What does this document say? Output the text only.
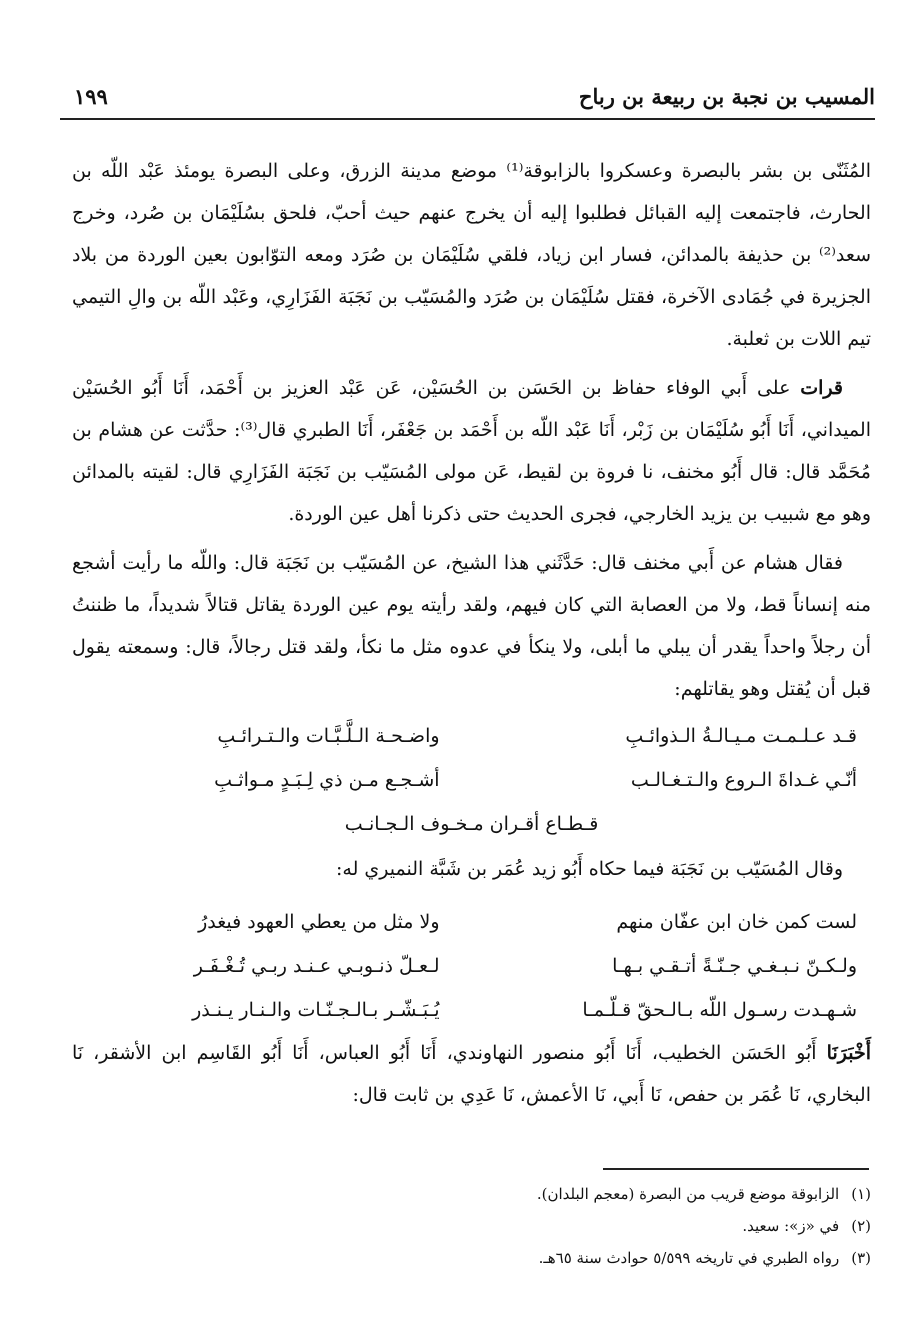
المسيب بن نجبة بن ربيعة بن رباح
١٩٩

المُثَنّى بن بشر بالبصرة وعسكروا بالزابوقة⁽¹⁾ موضع مدينة الزرق، وعلى البصرة يومئذ عَبْد اللّه بن الحارث، فاجتمعت إليه القبائل فطلبوا إليه أن يخرج عنهم حيث أحبّ، فلحق بسُلَيْمَان بن صُرد، وخرج سعد⁽²⁾ بن حذيفة بالمدائن، فسار ابن زياد، فلقي سُلَيْمَان بن صُرَد ومعه التوّابون بعين الوردة من بلاد الجزيرة في جُمَادى الآخرة، فقتل سُلَيْمَان بن صُرَد والمُسَيّب بن نَجَبَة الفَزَارِي، وعَبْد اللّه بن والِ التيمي تيم اللات بن ثعلبة.

قرات على أَبي الوفاء حفاظ بن الحَسَن بن الحُسَيْن، عَن عَبْد العزيز بن أَحْمَد، أَنَا أَبُو الحُسَيْن الميداني، أَنَا أَبُو سُلَيْمَان بن زَبْر، أَنَا عَبْد اللّه بن أَحْمَد بن جَعْفَر، أَنَا الطبري قال⁽³⁾: حدَّثت عن هشام بن مُحَمَّد قال: قال أَبُو مخنف، نا فروة بن لقيط، عَن مولى المُسَيّب بن نَجَبَة الفَزَارِي قال: لقيته بالمدائن وهو مع شبيب بن يزيد الخارجي، فجرى الحديث حتى ذكرنا أهل عين الوردة.

فقال هشام عن أَبي مخنف قال: حَدَّثَني هذا الشيخ، عن المُسَيّب بن نَجَبَة قال: واللّه ما رأيت أشجع منه إنساناً قط، ولا من العصابة التي كان فيهم، ولقد رأيته يوم عين الوردة يقاتل قتالاً شديداً، ما ظننتُ أن رجلاً واحداً يقدر أن يبلي ما أبلى، ولا ينكأ في عدوه مثل ما نكأ، ولقد قتل رجالاً، قال: وسمعته يقول قبل أن يُقتل وهو يقاتلهم:

قـد عـلـمـت مـيـالـةُ الـذوائـبِ
واضـحـة الـلَّـبَّـات والـتـرائـبِ
أنّـي غـداةَ الـروع والـتـغـالـب
أشـجـع مـن ذي لِـبَـدٍ مـواثـبِ
قـطـاع أقـران مـخـوف الـجـانـب

وقال المُسَيّب بن نَجَبَة فيما حكاه أَبُو زيد عُمَر بن شَبَّة النميري له:

لست كمن خان ابن عفّان منهم
ولا مثل من يعطي العهود فيغدرُ
ولـكـنّ نـبـغـي جـنّـةً أتـقـي بـهـا
لـعـلّ ذنـوبـي عـنـد ربـي تُـغْـفَـر
شـهـدت رسـول اللّه بـالـحقّ قـلّـمـا
يُـبَـشّـر بـالـجـنّـات والـنـار يـنـذر

أَخْبَرَنَا أَبُو الحَسَن الخطيب، أَنَا أَبُو منصور النهاوندي، أَنَا أَبُو العباس، أَنَا أَبُو القَاسِم ابن الأشقر، نَا البخاري، نَا عُمَر بن حفص، نَا أَبي، نَا الأعمش، نَا عَدِي بن ثابت قال:

(١)الزابوقة موضع قريب من البصرة (معجم البلدان).

(٢)في «ز»: سعيد.

(٣)رواه الطبري في تاريخه ٥/٥٩٩ حوادث سنة ٦٥هـ.
